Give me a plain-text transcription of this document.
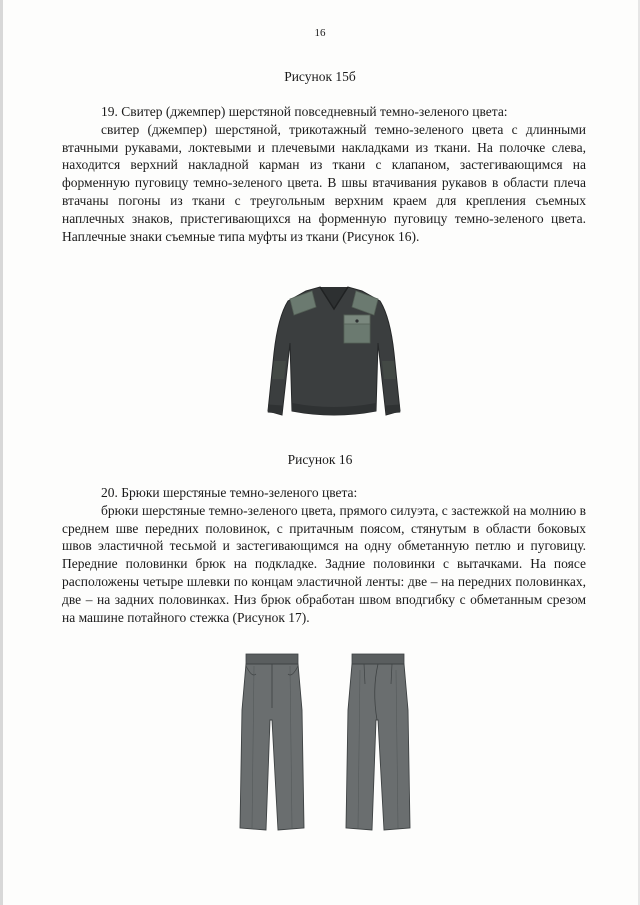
16
Рисунок 15б

19. Свитер (джемпер) шерстяной повседневный темно-зеленого цвета:

свитер (джемпер) шерстяной, трикотажный темно-зеленого цвета с длинными втачными рукавами, локтевыми и плечевыми накладками из ткани. На полочке слева, находится верхний накладной карман из ткани с клапаном, застегивающимся на форменную пуговицу темно-зеленого цвета. В швы втачивания рукавов в области плеча втачаны погоны из ткани с треугольным верхним краем для крепления съемных наплечных знаков, пристегивающихся на форменную пуговицу темно-зеленого цвета. Наплечные знаки съемные типа муфты из ткани (Рисунок 16).

Рисунок 16

20. Брюки шерстяные темно-зеленого цвета:

брюки шерстяные темно-зеленого цвета, прямого силуэта, с застежкой на молнию в среднем шве передних половинок, с притачным поясом, стянутым в области боковых швов эластичной тесьмой и застегивающимся на одну обметанную петлю и пуговицу. Передние половинки брюк на подкладке. Задние половинки с вытачками. На поясе расположены четыре шлевки по концам эластичной ленты: две – на передних половинках, две – на задних половинках. Низ брюк обработан швом вподгибку с обметанным срезом на машине потайного стежка (Рисунок 17).
